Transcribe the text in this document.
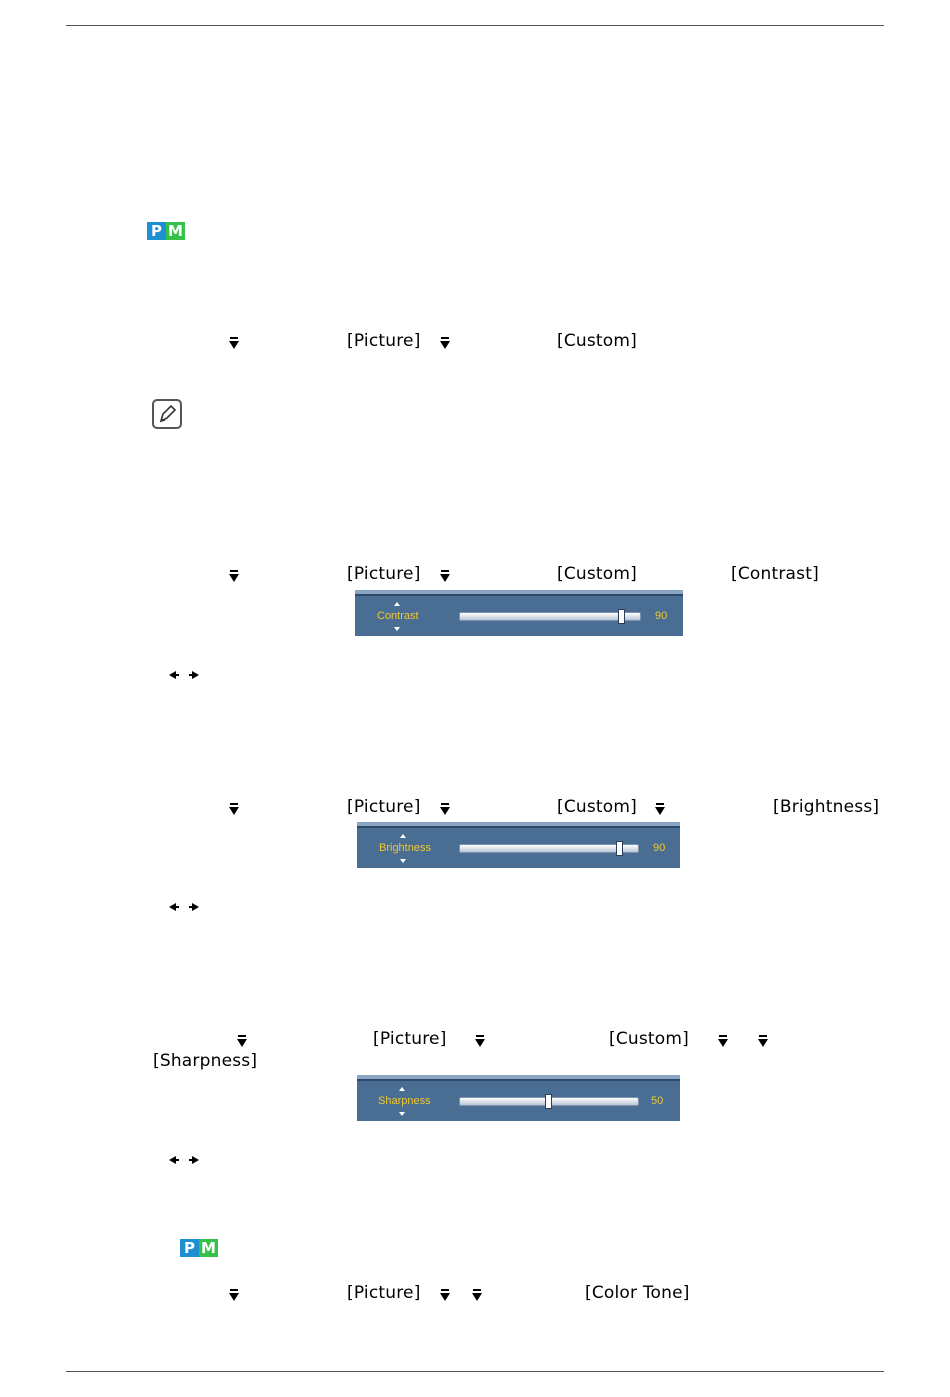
P M
[Picture]	[Custom]
[Picture]	[Custom]	[Contrast]
Contrast	90
[Picture]	[Custom]	[Brightness]
Brightness	90
[Picture]	[Custom]
[Sharpness]
Sharpness	50
P M
[Picture]	[Color Tone]
